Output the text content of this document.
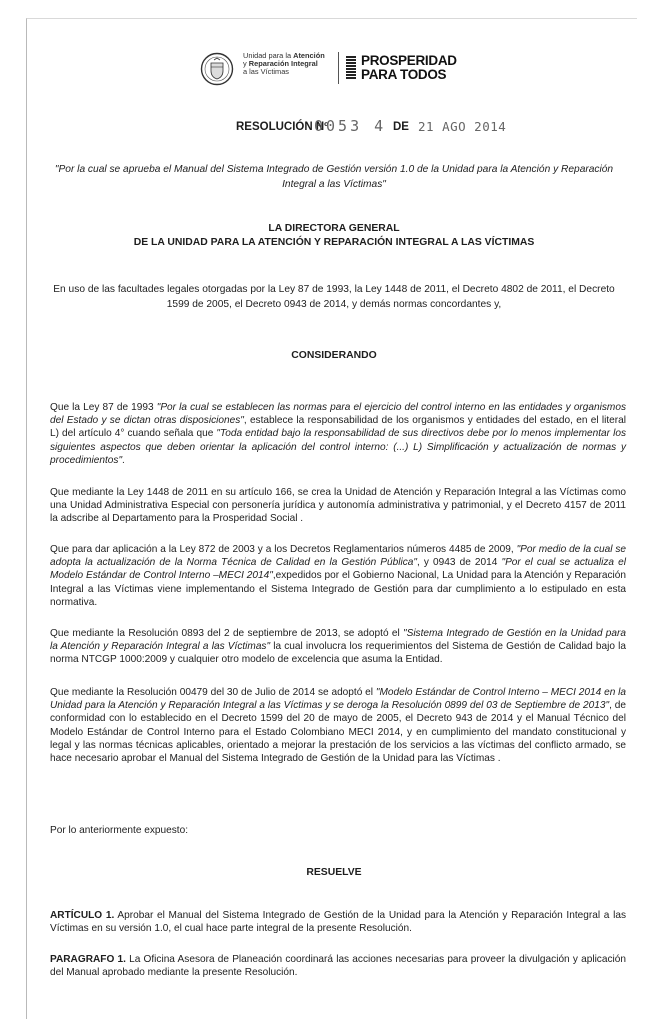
Unidad para la Atención
y Reparación Integral
a las Víctimas
PROSPERIDAD
PARA TODOS
RESOLUCIÓN Nº
0053 4 DE 21 AGO 2014
"Por la cual se aprueba el Manual del Sistema Integrado de Gestión versión 1.0 de la Unidad para la Atención y Reparación Integral a las Víctimas"
LA DIRECTORA GENERAL
DE LA UNIDAD PARA LA ATENCIÓN Y REPARACIÓN INTEGRAL A LAS VÍCTIMAS
En uso de las facultades legales otorgadas por la Ley 87 de 1993, la Ley 1448 de 2011, el Decreto 4802 de 2011, el Decreto 1599 de 2005, el Decreto 0943 de 2014, y demás normas concordantes y,
CONSIDERANDO
Que la Ley 87 de 1993 "Por la cual se establecen las normas para el ejercicio del control interno en las entidades y organismos del Estado y se dictan otras disposiciones", establece la responsabilidad de los organismos y entidades del estado, en el literal L) del artículo 4° cuando señala que "Toda entidad bajo la responsabilidad de sus directivos debe por lo menos implementar los siguientes aspectos que deben orientar la aplicación del control interno: (...) L) Simplificación y actualización de normas y procedimientos".
Que mediante la Ley 1448 de 2011 en su artículo 166, se crea la Unidad de Atención y Reparación Integral a las Víctimas como una Unidad Administrativa Especial con personería jurídica y autonomía administrativa y patrimonial, y el Decreto 4157 de 2011 la adscribe al Departamento para la Prosperidad Social .
Que para dar aplicación a la Ley 872 de 2003 y a los Decretos Reglamentarios números 4485 de 2009, "Por medio de la cual se adopta la actualización de la Norma Técnica de Calidad en la Gestión Pública", y 0943 de 2014 "Por el cual se actualiza el Modelo Estándar de Control Interno –MECI 2014",expedidos por el Gobierno Nacional, La Unidad para la Atención y Reparación Integral a las Víctimas viene implementando el Sistema Integrado de Gestión para dar cumplimiento a lo estipulado en esta normativa.
Que mediante la Resolución 0893 del 2 de septiembre de 2013, se adoptó el "Sistema Integrado de Gestión en la Unidad para la Atención y Reparación Integral a las Víctimas" la cual involucra los requerimientos del Sistema de Gestión de Calidad bajo la norma NTCGP 1000:2009 y cualquier otro modelo de excelencia que asuma la Entidad.
Que mediante la Resolución 00479 del 30 de Julio de 2014 se adoptó el "Modelo Estándar de Control Interno – MECI 2014 en la Unidad para la Atención y Reparación Integral a las Víctimas y se deroga la Resolución 0899 del 03 de Septiembre de 2013", de conformidad con lo establecido en el Decreto 1599 del 20 de mayo de 2005, el Decreto 943 de 2014 y el Manual Técnico del Modelo Estándar de Control Interno para el Estado Colombiano MECI 2014, y en cumplimiento del mandato constitucional y legal y las normas técnicas aplicables, orientado a mejorar la prestación de los servicios a las víctimas del conflicto armado, se hace necesario aprobar el Manual del Sistema Integrado de Gestión de la Unidad para las Víctimas .
Por lo anteriormente expuesto:
RESUELVE
ARTÍCULO 1. Aprobar el Manual del Sistema Integrado de Gestión de la Unidad para la Atención y Reparación Integral a las Víctimas en su versión 1.0, el cual hace parte integral de la presente Resolución.
PARAGRAFO 1. La Oficina Asesora de Planeación coordinará las acciones necesarias para proveer la divulgación y aplicación del Manual aprobado mediante la presente Resolución.
